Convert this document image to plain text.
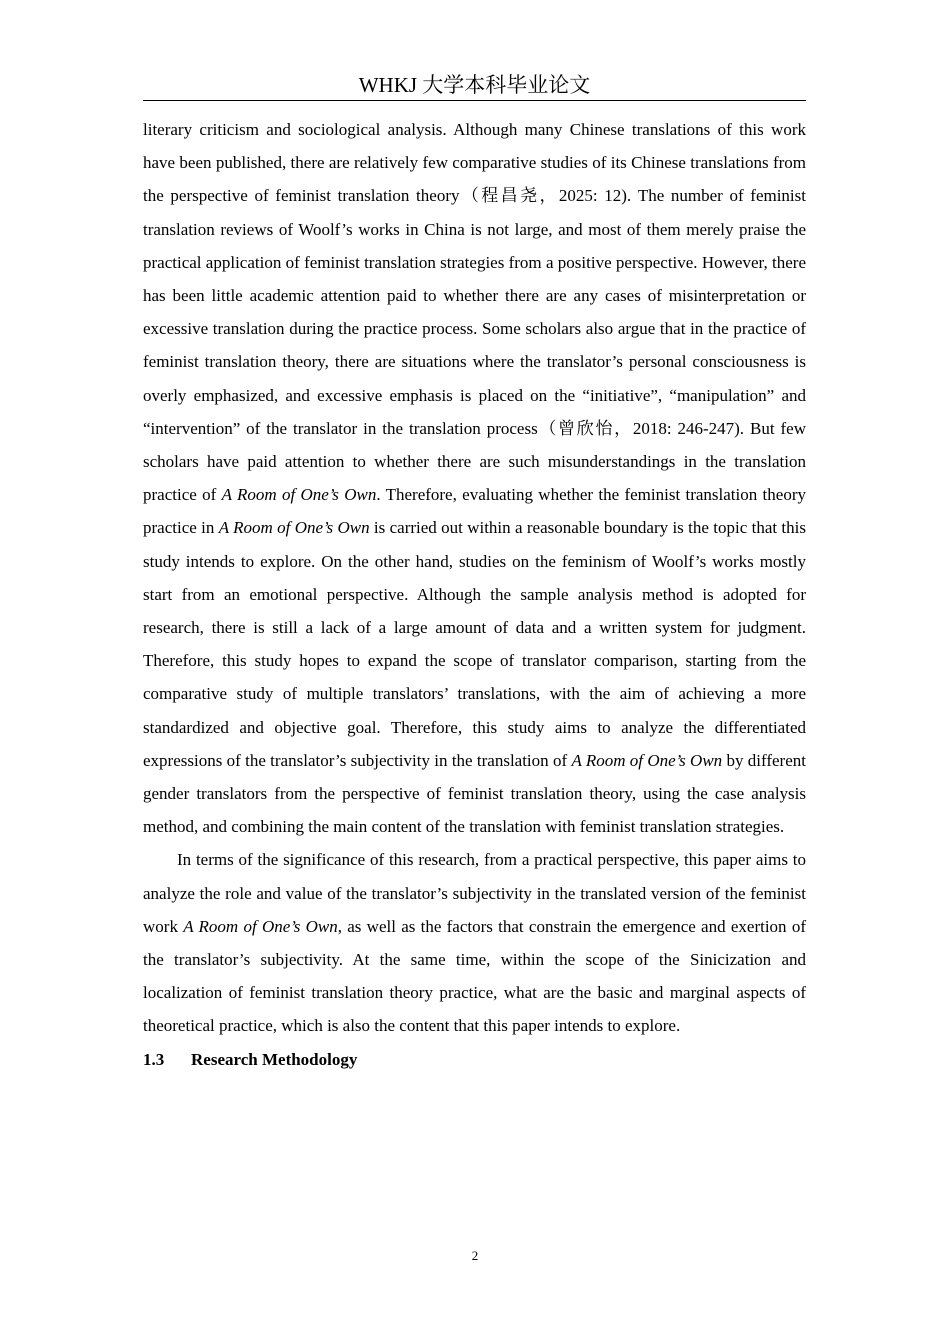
WHKJ 大学本科毕业论文

literary criticism and sociological analysis. Although many Chinese translations of this work have been published, there are relatively few comparative studies of its Chinese translations from the perspective of feminist translation theory（程昌尧，2025: 12). The number of feminist translation reviews of Woolf’s works in China is not large, and most of them merely praise the practical application of feminist translation strategies from a positive perspective. However, there has been little academic attention paid to whether there are any cases of misinterpretation or excessive translation during the practice process. Some scholars also argue that in the practice of feminist translation theory, there are situations where the translator’s personal consciousness is overly emphasized, and excessive emphasis is placed on the “initiative”, “manipulation” and “intervention” of the translator in the translation process（曾欣怡，2018: 246-247). But few scholars have paid attention to whether there are such misunderstandings in the translation practice of A Room of One’s Own. Therefore, evaluating whether the feminist translation theory practice in A Room of One’s Own is carried out within a reasonable boundary is the topic that this study intends to explore. On the other hand, studies on the feminism of Woolf’s works mostly start from an emotional perspective. Although the sample analysis method is adopted for research, there is still a lack of a large amount of data and a written system for judgment. Therefore, this study hopes to expand the scope of translator comparison, starting from the comparative study of multiple translators’ translations, with the aim of achieving a more standardized and objective goal. Therefore, this study aims to analyze the differentiated expressions of the translator’s subjectivity in the translation of A Room of One’s Own by different gender translators from the perspective of feminist translation theory, using the case analysis method, and combining the main content of the translation with feminist translation strategies.

In terms of the significance of this research, from a practical perspective, this paper aims to analyze the role and value of the translator’s subjectivity in the translated version of the feminist work A Room of One’s Own, as well as the factors that constrain the emergence and exertion of the translator’s subjectivity. At the same time, within the scope of the Sinicization and localization of feminist translation theory practice, what are the basic and marginal aspects of theoretical practice, which is also the content that this paper intends to explore.

1.3 Research Methodology

2
